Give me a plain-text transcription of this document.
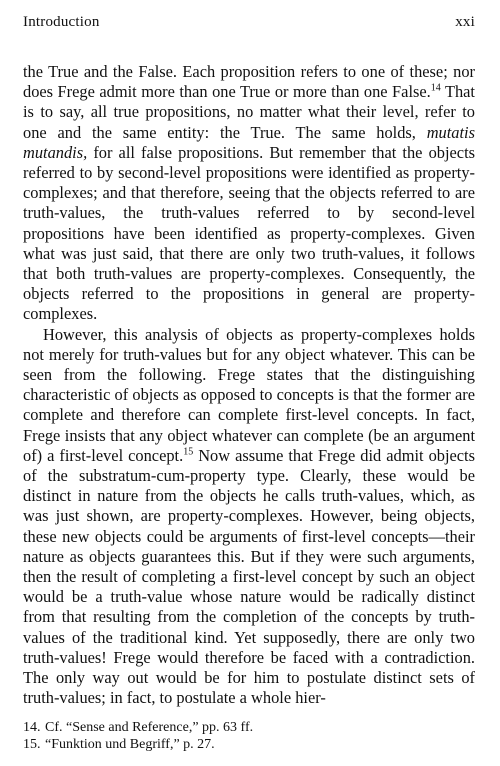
Introduction	xxi

the True and the False. Each proposition refers to one of these; nor does Frege admit more than one True or more than one False.$^{14}$ That is to say, all true propositions, no matter what their level, refer to one and the same entity: the True. The same holds, mutatis mutandis, for all false propositions. But remember that the objects referred to by second-level propositions were identified as property-complexes; and that therefore, seeing that the objects referred to are truth-values, the truth-values referred to by second-level propositions have been identified as property-complexes. Given what was just said, that there are only two truth-values, it follows that both truth-values are property-complexes. Consequently, the objects referred to the propositions in general are property-complexes.

However, this analysis of objects as property-complexes holds not merely for truth-values but for any object whatever. This can be seen from the following. Frege states that the distinguishing characteristic of objects as opposed to concepts is that the former are complete and therefore can complete first-level concepts. In fact, Frege insists that any object whatever can complete (be an argument of) a first-level concept.$^{15}$ Now assume that Frege did admit objects of the substratum-cum-property type. Clearly, these would be distinct in nature from the objects he calls truth-values, which, as was just shown, are property-complexes. However, being objects, these new objects could be arguments of first-level concepts—their nature as objects guarantees this. But if they were such arguments, then the result of completing a first-level concept by such an object would be a truth-value whose nature would be radically distinct from that resulting from the completion of the concepts by truth-values of the traditional kind. Yet supposedly, there are only two truth-values! Frege would therefore be faced with a contradiction. The only way out would be for him to postulate distinct sets of truth-values; in fact, to postulate a whole hier-

14. Cf. “Sense and Reference,” pp. 63 ff.

15. “Funktion und Begriff,” p. 27.
